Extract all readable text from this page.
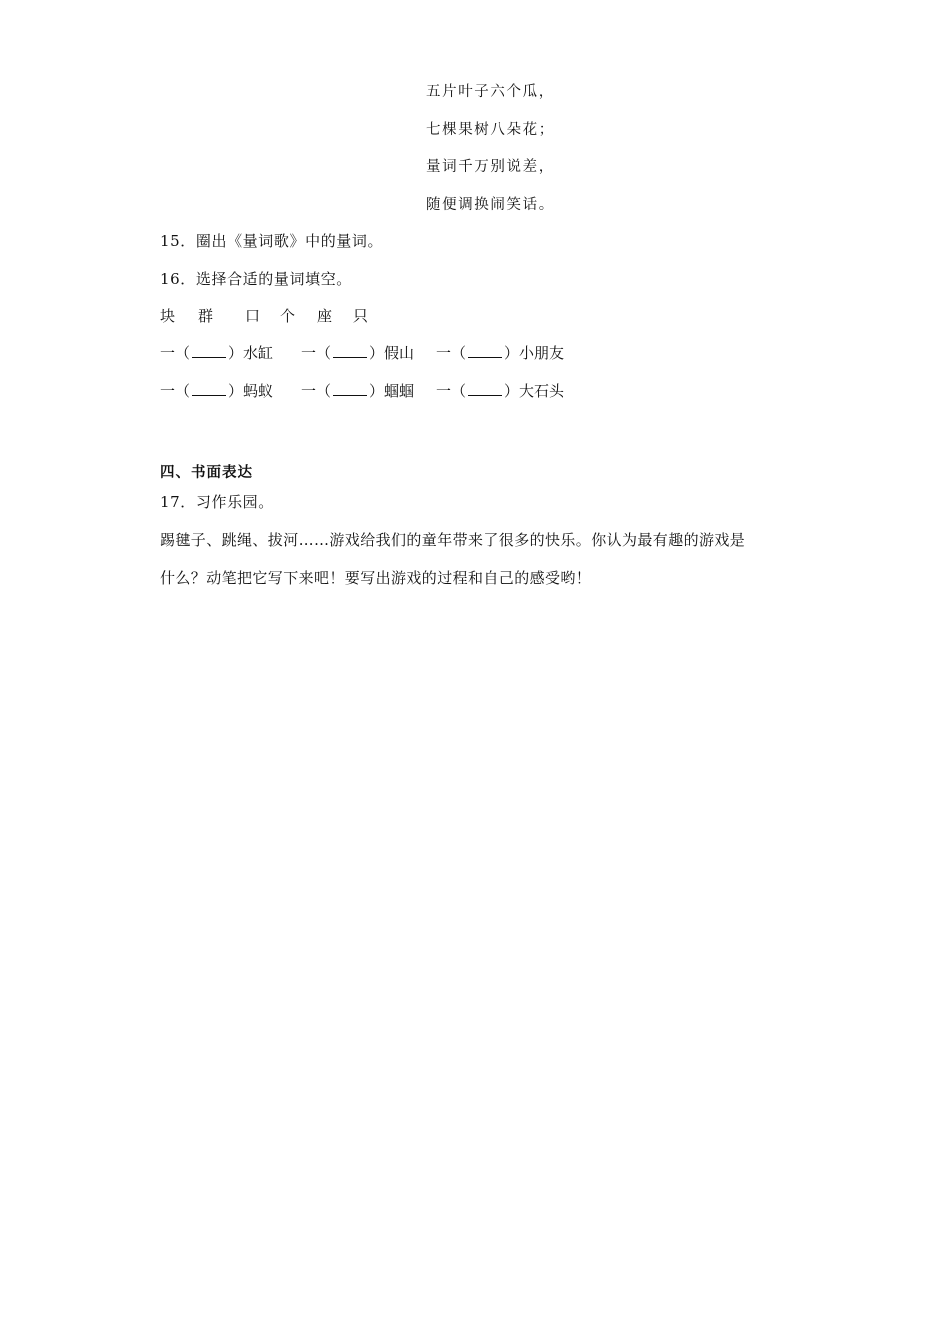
五片叶子六个瓜，
七棵果树八朵花；
量词千万别说差，
随便调换闹笑话。
15．圈出《量词歌》中的量词。
16．选择合适的量词填空。
块 群 口 个 座 只
一（	）水缸 一（	）假山 一（	）小朋友
一（	）蚂蚁 一（	）蝈蝈 一（	）大石头
四、书面表达
17．习作乐园。
踢毽子、跳绳、拔河……游戏给我们的童年带来了很多的快乐。你认为最有趣的游戏是
什么？动笔把它写下来吧！要写出游戏的过程和自己的感受哟！
